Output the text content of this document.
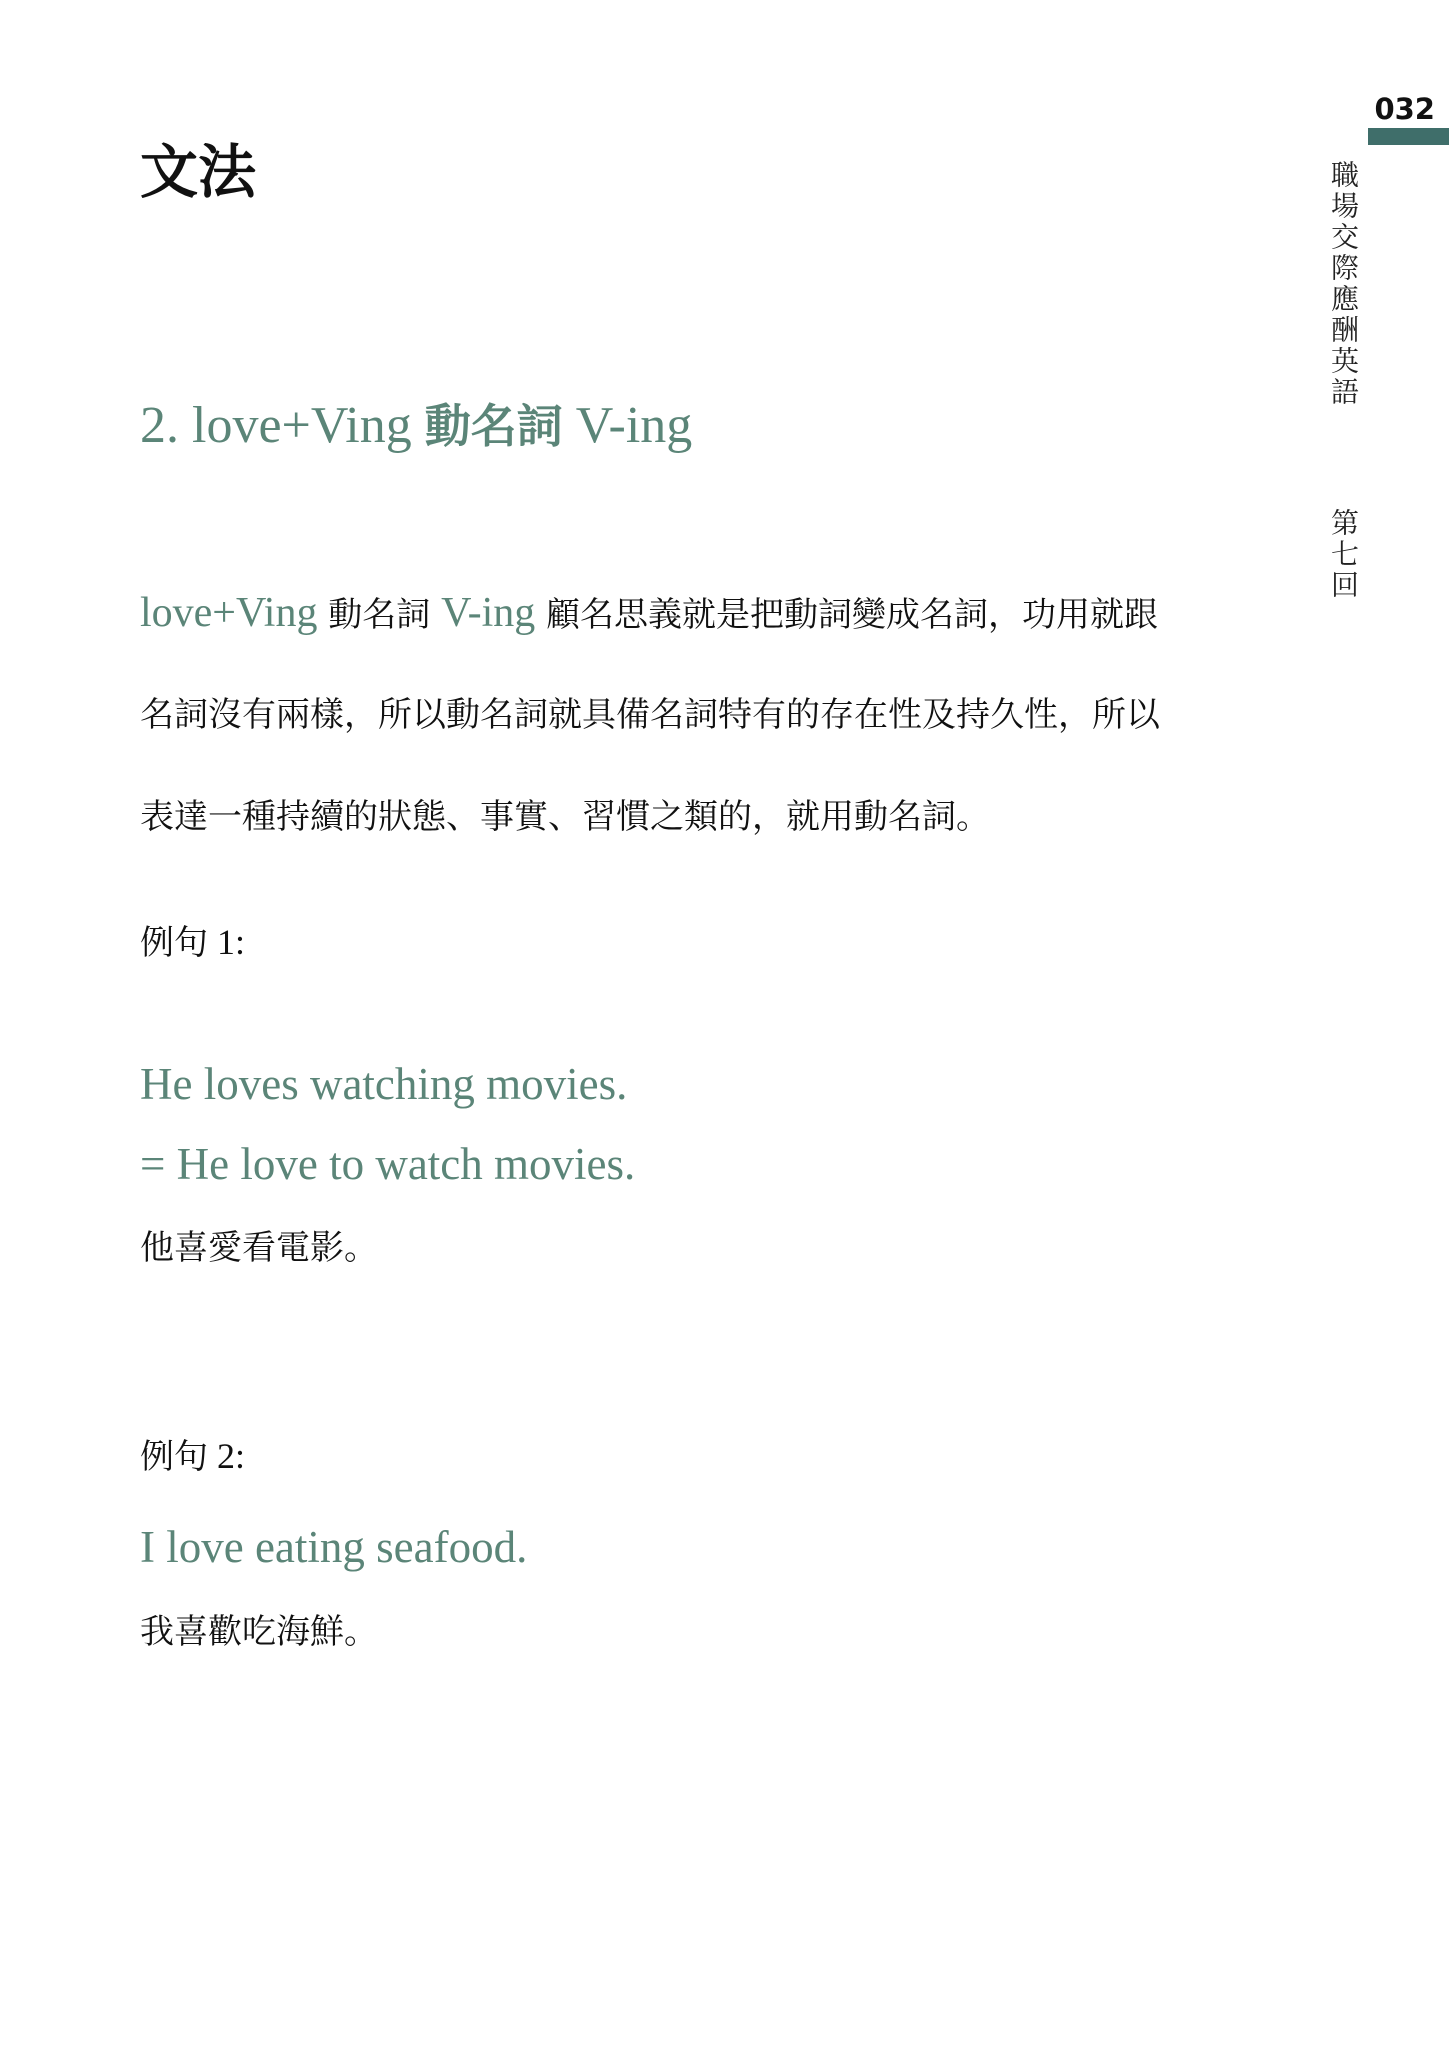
032
職場交際應酬英語
第七回
文法
2. love+Ving 動名詞 V-ing
love+Ving 動名詞 V-ing 顧名思義就是把動詞變成名詞，功用就跟
名詞沒有兩樣，所以動名詞就具備名詞特有的存在性及持久性，所以
表達一種持續的狀態、事實、習慣之類的，就用動名詞。
例句 1:
He loves watching movies.
= He love to watch movies.
他喜愛看電影。
例句 2:
I love eating seafood.
我喜歡吃海鮮。
